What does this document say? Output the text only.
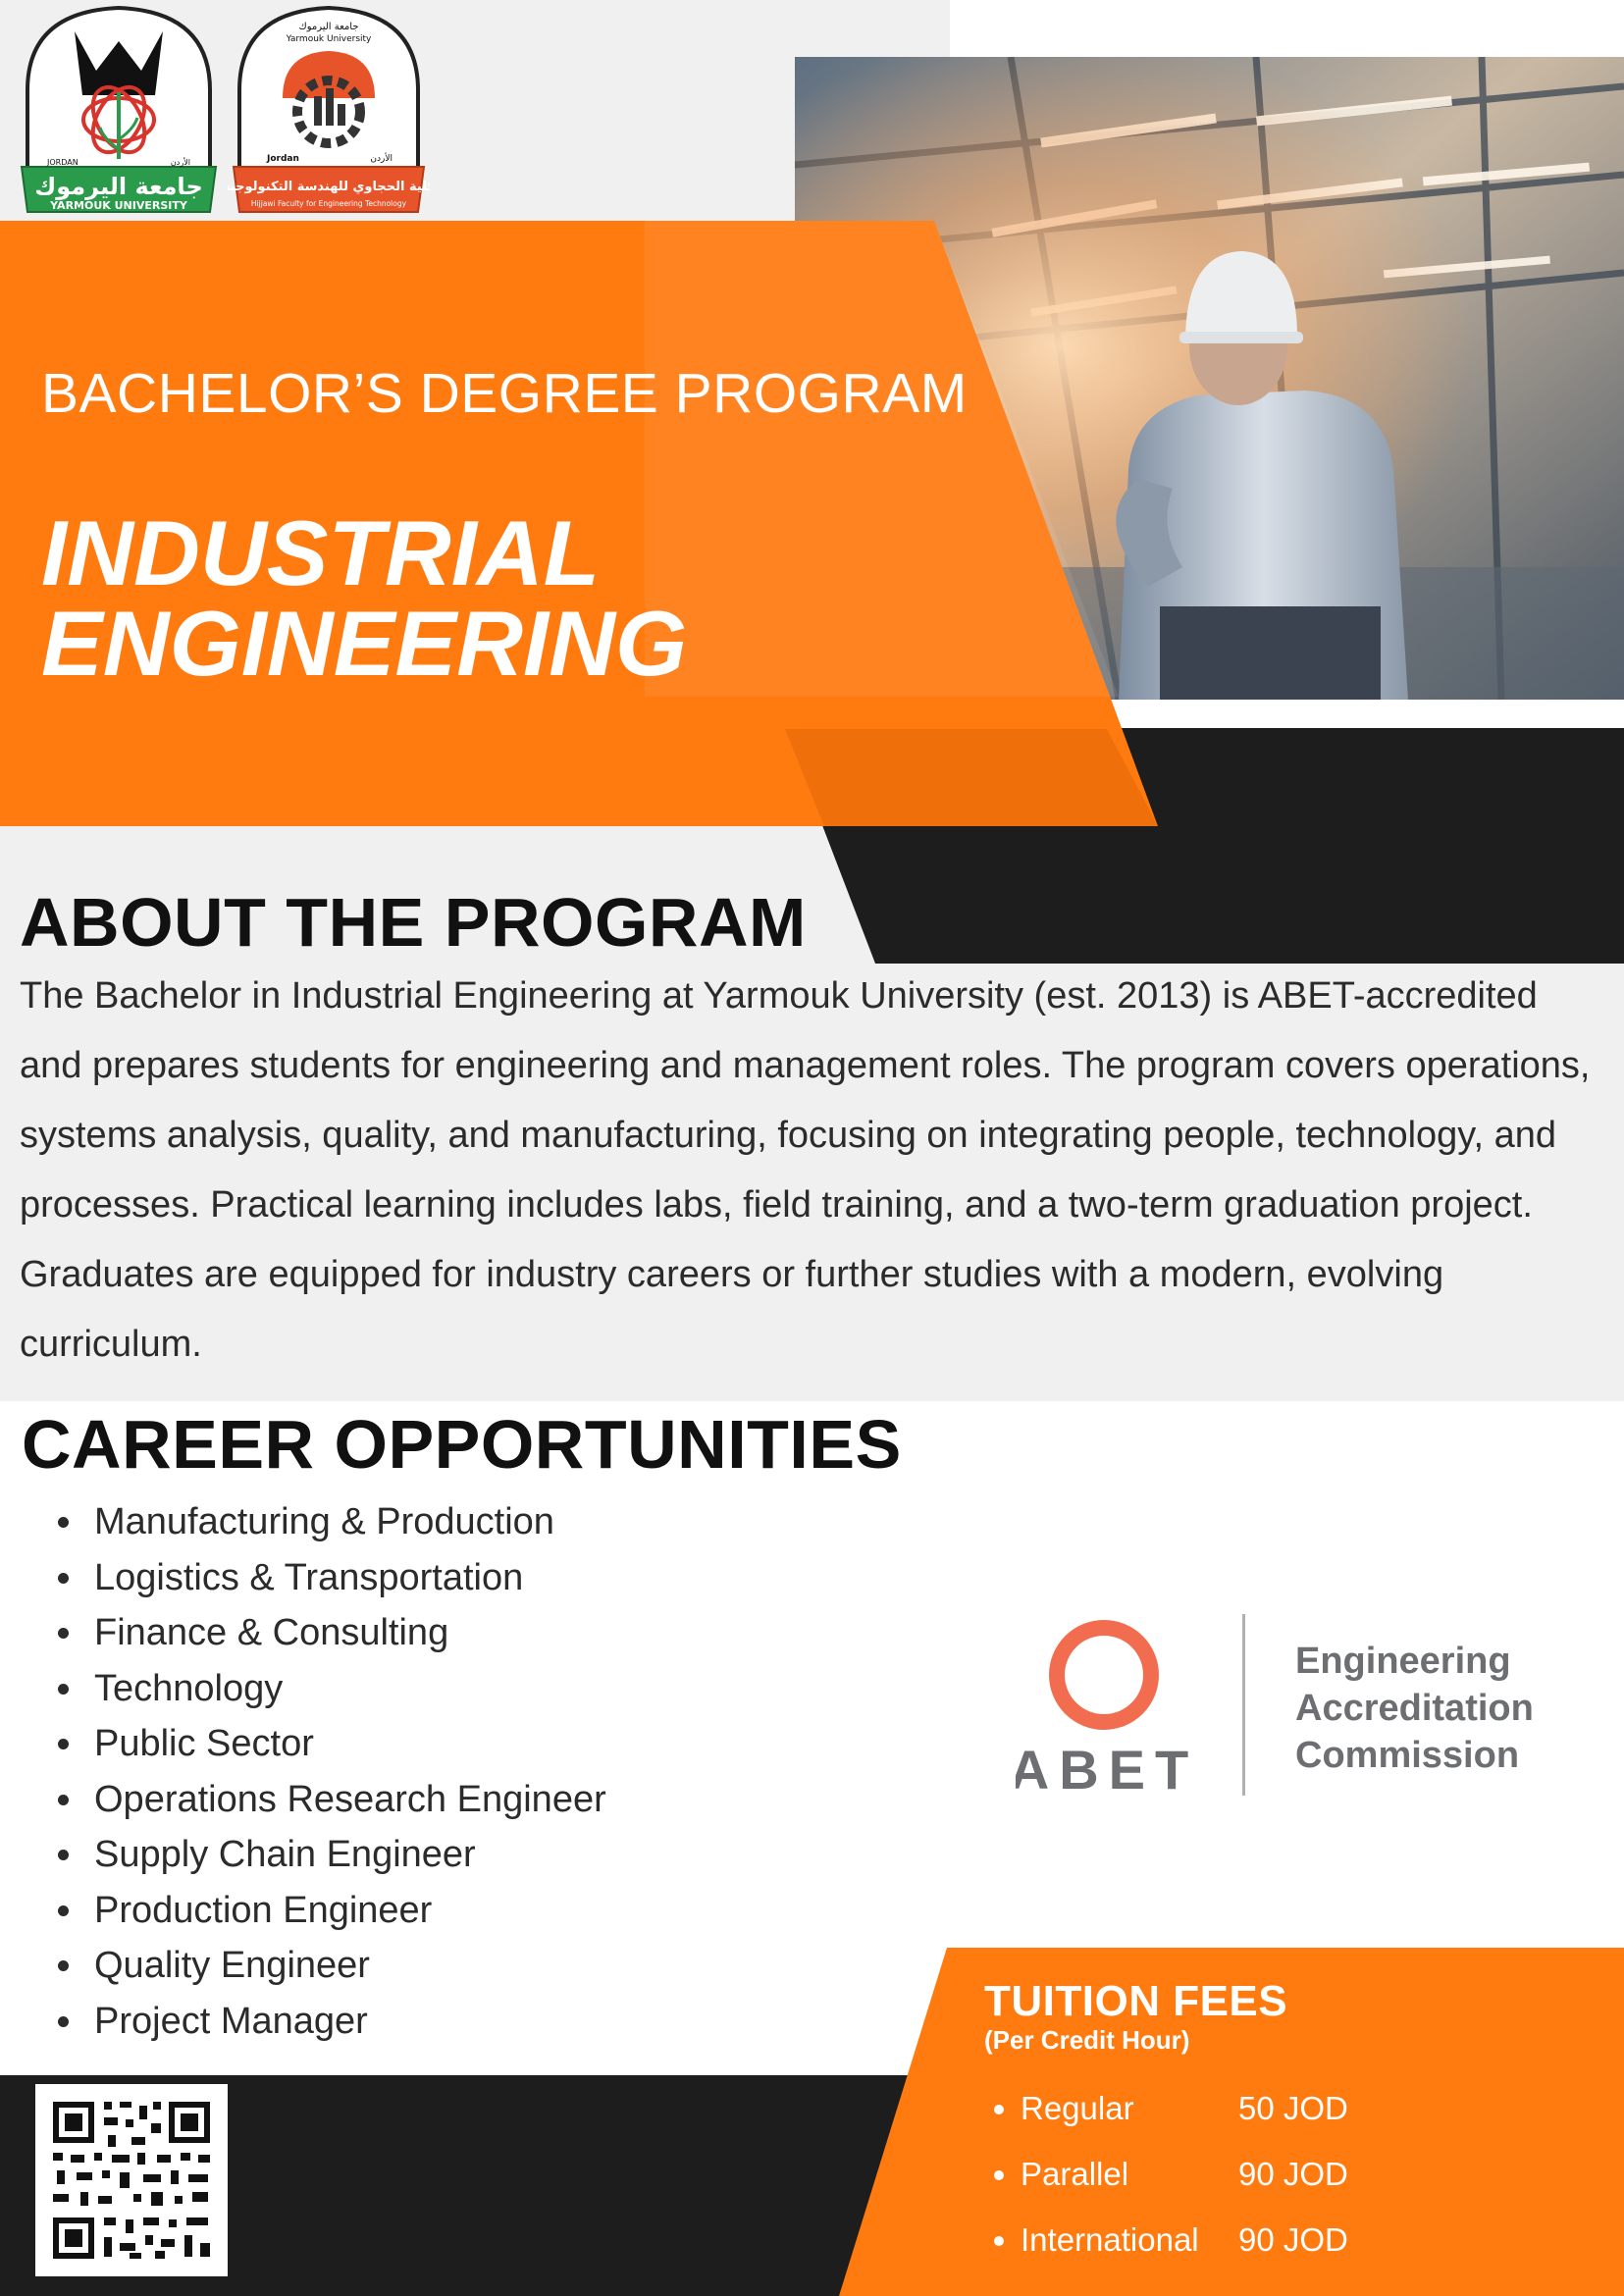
جامعة اليرموك
YARMOUK UNIVERSITY
JORDAN	الأردن
جامعة اليرموك
Yarmouk University
Jordan	الأردن
كلية الحجاوي للهندسة التكنولوجية
Hijjawi Faculty for Engineering Technology
BACHELOR’S DEGREE PROGRAM
INDUSTRIAL
ENGINEERING
ABOUT THE PROGRAM

The Bachelor in Industrial Engineering at Yarmouk University (est. 2013) is ABET-accredited and prepares students for engineering and management roles. The program covers operations, systems analysis, quality, and manufacturing, focusing on integrating people, technology, and processes. Practical learning includes labs, field training, and a two-term graduation project. Graduates are equipped for industry careers or further studies with a modern, evolving curriculum.

CAREER OPPORTUNITIES
• Manufacturing & Production
• Logistics & Transportation
• Finance & Consulting
• Technology
• Public Sector
• Operations Research Engineer
• Supply Chain Engineer
• Production Engineer
• Quality Engineer
• Project Manager
ABET
Engineering
Accreditation
Commission
TUITION FEES
(Per Credit Hour)
• Regular	50 JOD
• Parallel	90 JOD
• International 90 JOD
